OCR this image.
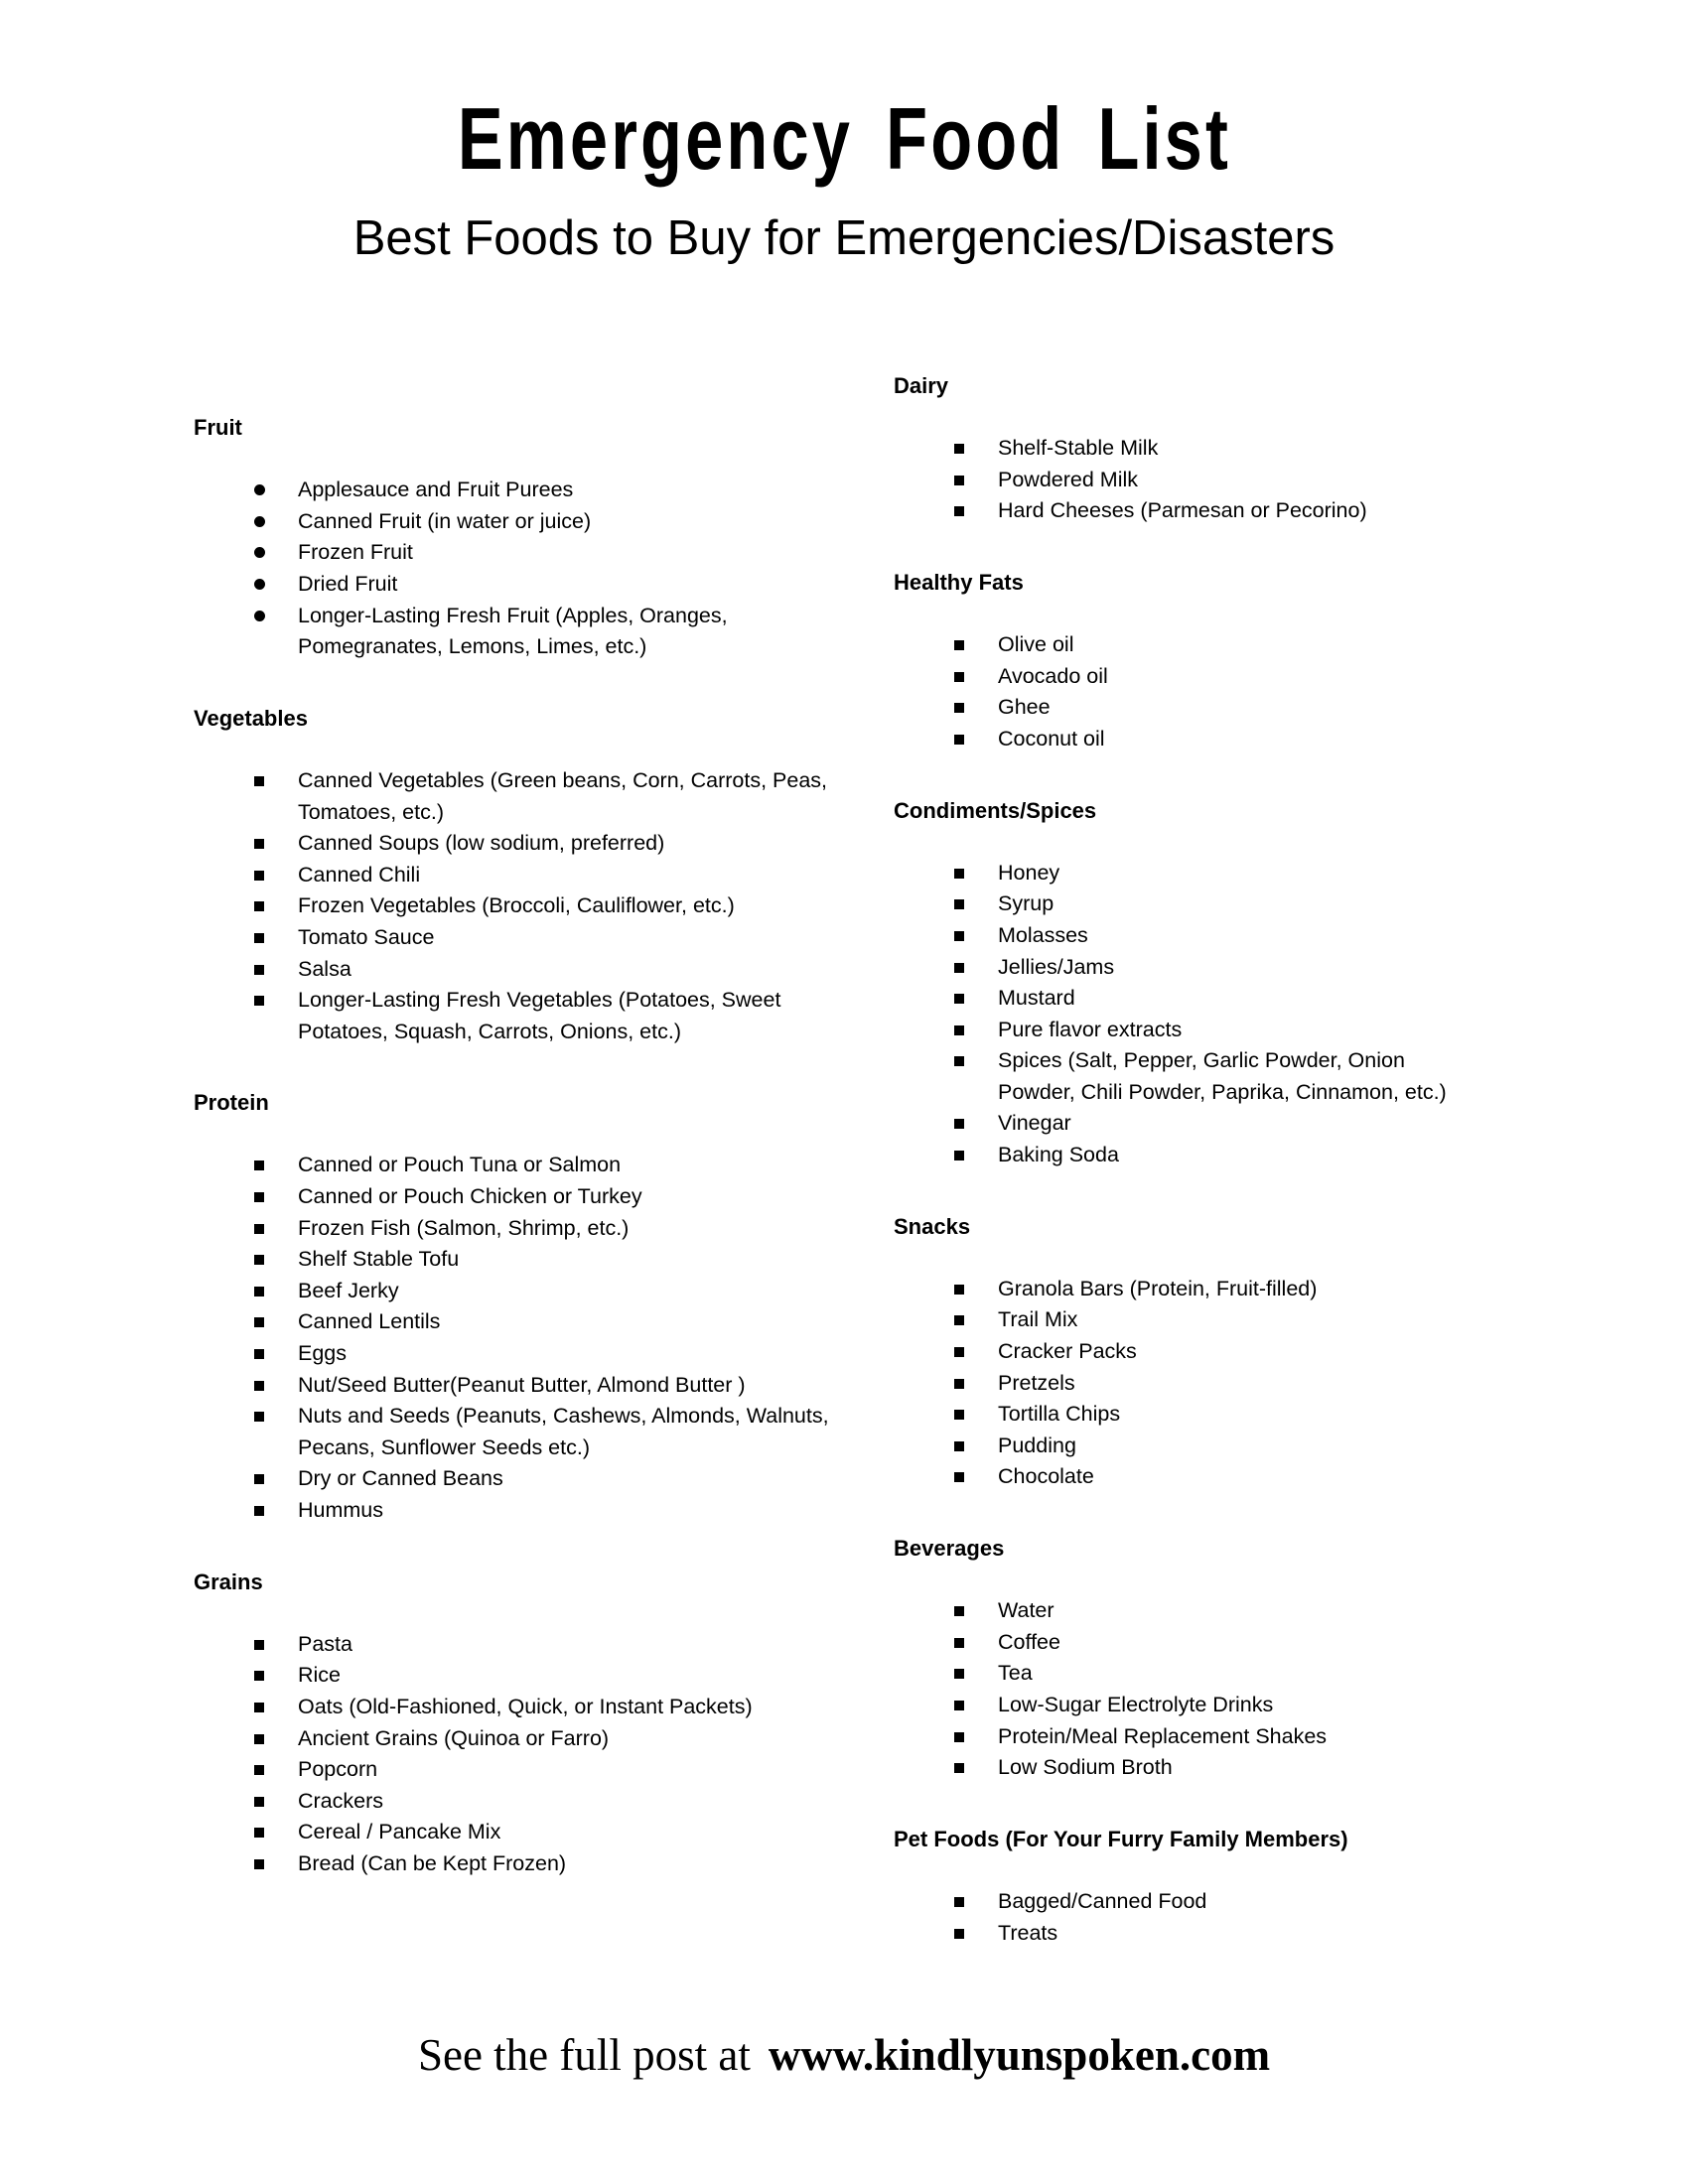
Emergency Food List
Best Foods to Buy for Emergencies/Disasters
Fruit
Applesauce and Fruit Purees
Canned Fruit (in water or juice)
Frozen Fruit
Dried Fruit
Longer-Lasting Fresh Fruit (Apples, Oranges, Pomegranates, Lemons, Limes, etc.)
Vegetables
Canned Vegetables (Green beans, Corn, Carrots, Peas, Tomatoes, etc.)
Canned Soups (low sodium, preferred)
Canned Chili
Frozen Vegetables (Broccoli, Cauliflower, etc.)
Tomato Sauce
Salsa
Longer-Lasting Fresh Vegetables (Potatoes, Sweet Potatoes, Squash, Carrots, Onions, etc.)
Protein
Canned or Pouch Tuna or Salmon
Canned or Pouch Chicken or Turkey
Frozen Fish (Salmon, Shrimp, etc.)
Shelf Stable Tofu
Beef Jerky
Canned Lentils
Eggs
Nut/Seed Butter(Peanut Butter, Almond Butter )
Nuts and Seeds (Peanuts, Cashews, Almonds, Walnuts, Pecans, Sunflower Seeds etc.)
Dry or Canned Beans
Hummus
Grains
Pasta
Rice
Oats (Old-Fashioned, Quick, or Instant Packets)
Ancient Grains (Quinoa or Farro)
Popcorn
Crackers
Cereal / Pancake Mix
Bread (Can be Kept Frozen)
Dairy
Shelf-Stable Milk
Powdered Milk
Hard Cheeses (Parmesan or Pecorino)
Healthy Fats
Olive oil
Avocado oil
Ghee
Coconut oil
Condiments/Spices
Honey
Syrup
Molasses
Jellies/Jams
Mustard
Pure flavor extracts
Spices (Salt, Pepper, Garlic Powder, Onion Powder, Chili Powder, Paprika, Cinnamon, etc.)
Vinegar
Baking Soda
Snacks
Granola Bars (Protein, Fruit-filled)
Trail Mix
Cracker Packs
Pretzels
Tortilla Chips
Pudding
Chocolate
Beverages
Water
Coffee
Tea
Low-Sugar Electrolyte Drinks
Protein/Meal Replacement Shakes
Low Sodium Broth
Pet Foods (For Your Furry Family Members)
Bagged/Canned Food
Treats
See the full post at www.kindlyunspoken.com
